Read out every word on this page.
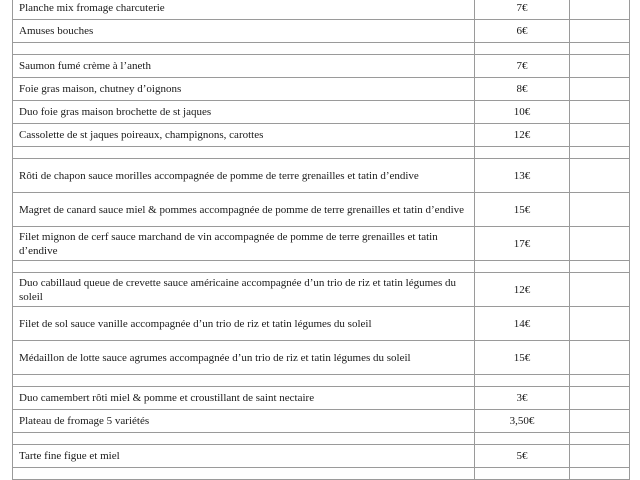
Planche mix fromage charcuterie	7€	
Amuses bouches	6€	

Saumon fumé crème à l’aneth	7€	
Foie gras maison, chutney d’oignons	8€	
Duo foie gras maison brochette de st jaques	10€	
Cassolette de st jaques poireaux, champignons, carottes	12€	

Rôti de chapon sauce morilles accompagnée de pomme de terre grenailles et tatin d’endive	13€	
Magret de canard sauce miel & pommes accompagnée de pomme de terre grenailles et tatin d’endive	15€	
Filet mignon de cerf sauce marchand de vin accompagnée de pomme de terre grenailles et tatin d’endive	17€	

Duo cabillaud queue de crevette sauce américaine accompagnée d’un trio de riz et tatin légumes du soleil	12€	
Filet de sol sauce vanille accompagnée d’un trio de riz et tatin légumes du soleil	14€	
Médaillon de lotte sauce agrumes accompagnée d’un trio de riz et tatin légumes du soleil	15€	

Duo camembert rôti miel & pomme et croustillant de saint nectaire	3€	
Plateau de fromage 5 variétés	3,50€	

Tarte fine figue et miel	5€	
